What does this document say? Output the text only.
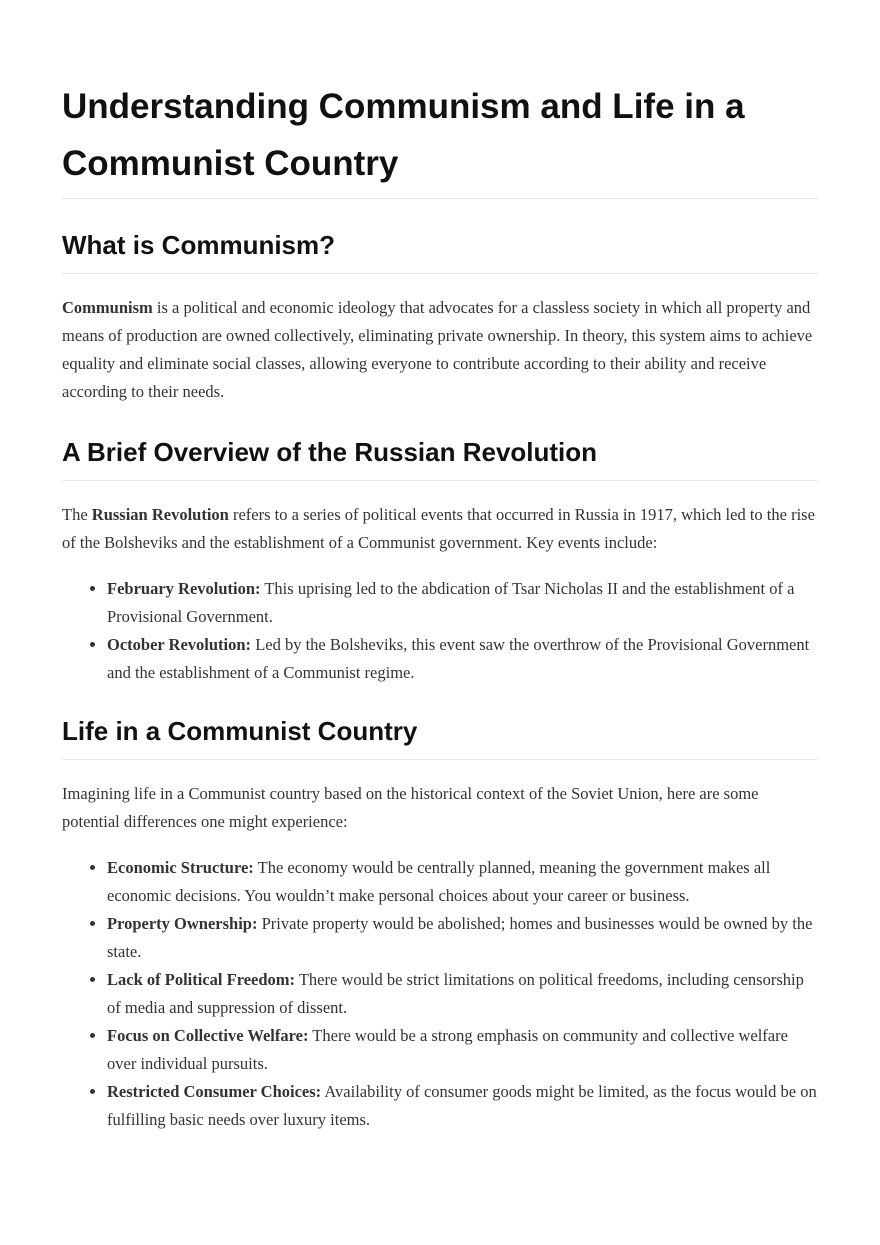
Understanding Communism and Life in a Communist Country
What is Communism?

Communism is a political and economic ideology that advocates for a classless society in which all property and means of production are owned collectively, eliminating private ownership. In theory, this system aims to achieve equality and eliminate social classes, allowing everyone to contribute according to their ability and receive according to their needs.

A Brief Overview of the Russian Revolution

The Russian Revolution refers to a series of political events that occurred in Russia in 1917, which led to the rise of the Bolsheviks and the establishment of a Communist government. Key events include:

• February Revolution: This uprising led to the abdication of Tsar Nicholas II and the establishment of a Provisional Government.
• October Revolution: Led by the Bolsheviks, this event saw the overthrow of the Provisional Government and the establishment of a Communist regime.
Life in a Communist Country

Imagining life in a Communist country based on the historical context of the Soviet Union, here are some potential differences one might experience:

• Economic Structure: The economy would be centrally planned, meaning the government makes all economic decisions. You wouldn’t make personal choices about your career or business.
• Property Ownership: Private property would be abolished; homes and businesses would be owned by the state.
• Lack of Political Freedom: There would be strict limitations on political freedoms, including censorship of media and suppression of dissent.
• Focus on Collective Welfare: There would be a strong emphasis on community and collective welfare over individual pursuits.
• Restricted Consumer Choices: Availability of consumer goods might be limited, as the focus would be on fulfilling basic needs over luxury items.
